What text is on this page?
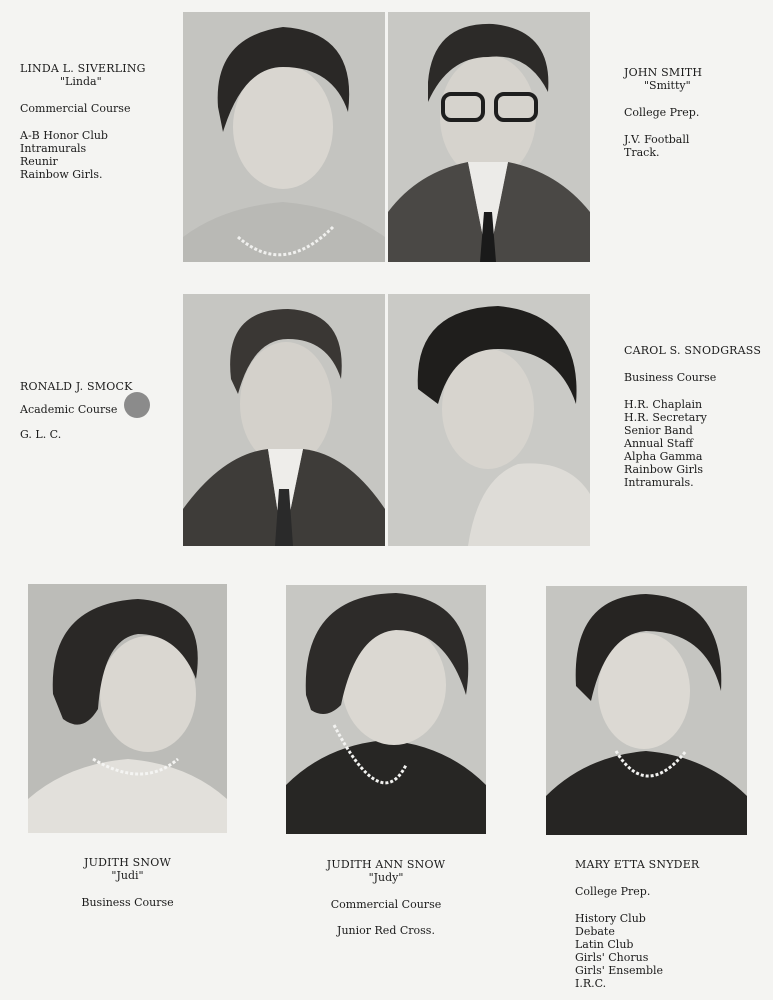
LINDA L. SIVERLING
"Linda"
Commercial Course
A-B Honor Club
Intramurals
Reunir
Rainbow Girls.
JOHN SMITH
"Smitty"
College Prep.
J.V. Football
Track.
RONALD J. SMOCK
Academic Course
G. L. C.
CAROL S. SNODGRASS
Business Course
H.R. Chaplain
H.R. Secretary
Senior Band
Annual Staff
Alpha Gamma
Rainbow Girls
Intramurals.
JUDITH SNOW
"Judi"
Business Course
JUDITH ANN SNOW
"Judy"
Commercial Course
Junior Red Cross.
MARY ETTA SNYDER
College Prep.
History Club
Debate
Latin Club
Girls' Chorus
Girls' Ensemble
I.R.C.
